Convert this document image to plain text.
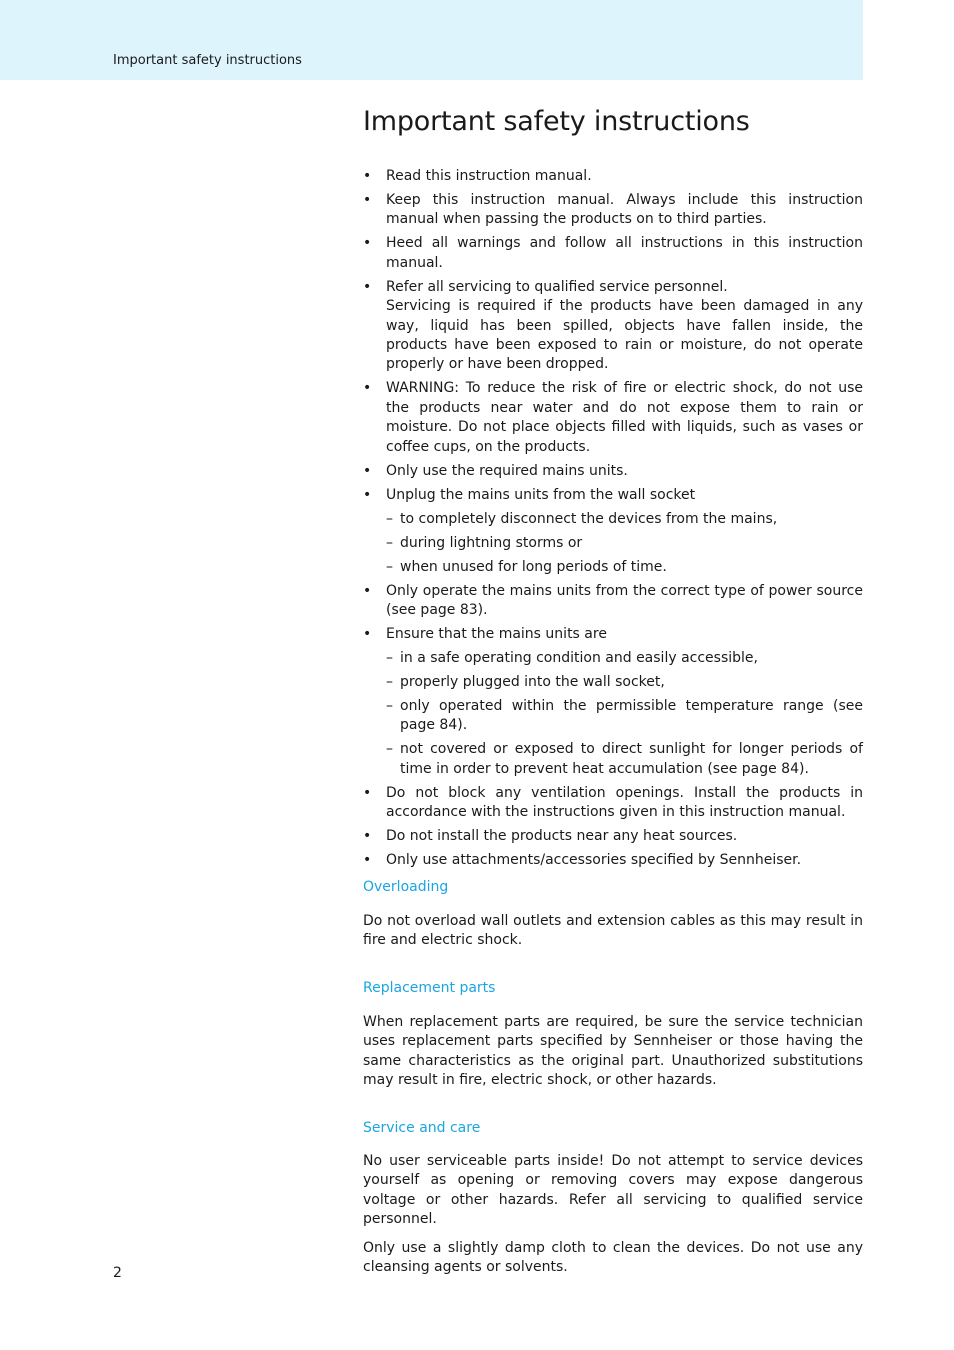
Important safety instructions
Important safety instructions
• Read this instruction manual.
• Keep this instruction manual. Always include this instruction manual when passing the products on to third parties.
• Heed all warnings and follow all instructions in this instruction manual.
• Refer all servicing to qualified service personnel.
Servicing is required if the products have been damaged in any way, liquid has been spilled, objects have fallen inside, the products have been exposed to rain or moisture, do not operate properly or have been dropped.
• WARNING: To reduce the risk of fire or electric shock, do not use the products near water and do not expose them to rain or moisture. Do not place objects filled with liquids, such as vases or coffee cups, on the products.
• Only use the required mains units.
• Unplug the mains units from the wall socket
– to completely disconnect the devices from the mains,
– during lightning storms or
– when unused for long periods of time.
• Only operate the mains units from the correct type of power source (see page 83).
• Ensure that the mains units are
– in a safe operating condition and easily accessible,
– properly plugged into the wall socket,
– only operated within the permissible temperature range (see page 84).
– not covered or exposed to direct sunlight for longer periods of time in order to prevent heat accumulation (see page 84).
• Do not block any ventilation openings. Install the products in accordance with the instructions given in this instruction manual.
• Do not install the products near any heat sources.
• Only use attachments/accessories specified by Sennheiser.
Overloading

Do not overload wall outlets and extension cables as this may result in fire and electric shock.

Replacement parts

When replacement parts are required, be sure the service technician uses replacement parts specified by Sennheiser or those having the same characteristics as the original part. Unauthorized substitutions may result in fire, electric shock, or other hazards.

Service and care

No user serviceable parts inside! Do not attempt to service devices yourself as opening or removing covers may expose dangerous voltage or other hazards. Refer all servicing to qualified service personnel.

Only use a slightly damp cloth to clean the devices. Do not use any cleansing agents or solvents.

2
